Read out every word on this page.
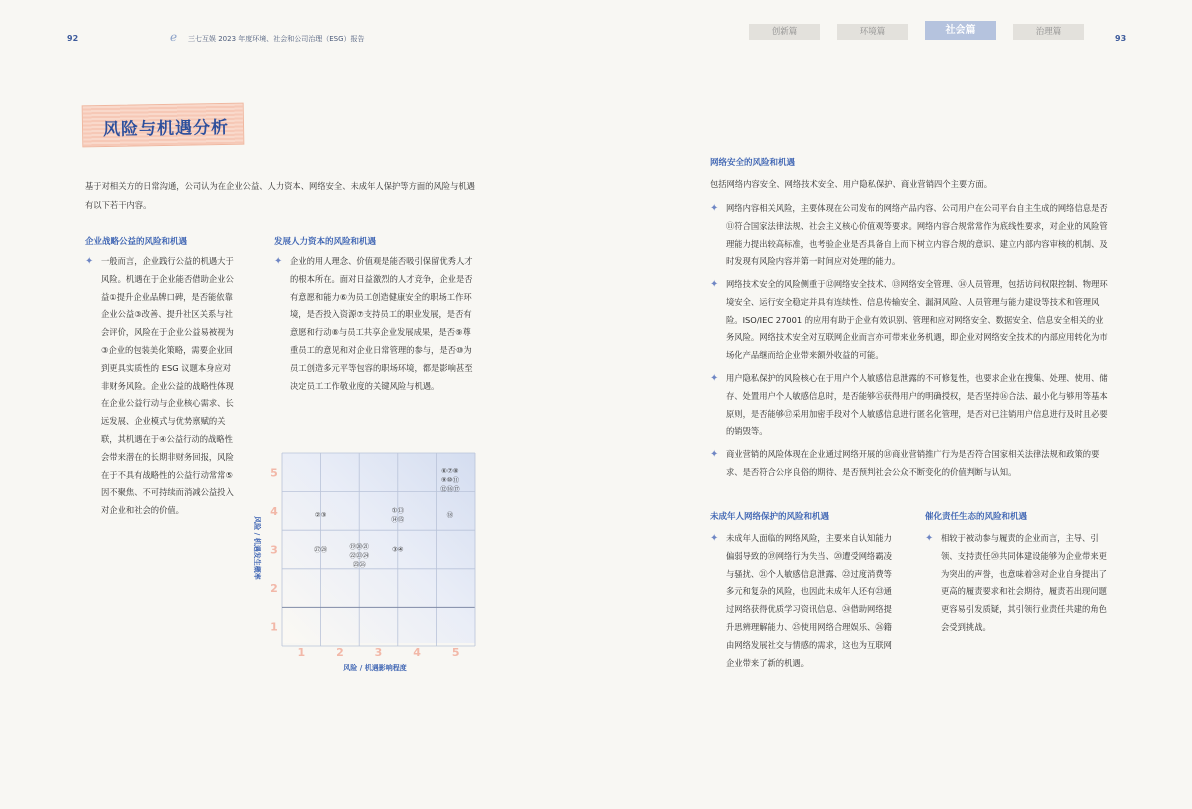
92	ℯ 三七互娱 2023 年度环境、社会和公司治理（ESG）报告
创新篇	环境篇	社会篇	治理篇
93
风险与机遇分析
基于对相关方的日常沟通，公司认为在企业公益、人力资本、网络安全、未成年人保护等方面的风险与机遇有以下若干内容。
企业战略公益的风险和机遇
✦ 一般而言，企业践行公益的机遇大于风险。机遇在于企业能否借助企业公益①提升企业品牌口碑，是否能依靠企业公益③改善、提升社区关系与社会评价，风险在于企业公益易被视为③企业的包装美化策略，需要企业回到更具实质性的 ESG 议题本身应对非财务风险。企业公益的战略性体现在企业公益行动与企业核心需求、长远发展、企业模式与优势禀赋的关联，其机遇在于④公益行动的战略性会带来潜在的长期非财务回报，风险在于不具有战略性的公益行动常常⑤因不聚焦、不可持续而消减公益投入对企业和社会的价值。
发展人力资本的风险和机遇
✦ 企业的用人理念、价值观是能否吸引保留优秀人才的根本所在。面对日益激烈的人才竞争，企业是否有意愿和能力⑥为员工创造健康安全的职场工作环境，是否投入资源⑦支持员工的职业发展，是否有意愿和行动⑧与员工共享企业发展成果，是否⑨尊重员工的意见和对企业日常管理的参与，是否⑩为员工创造多元平等包容的职场环境，都是影响甚至决定员工工作敬业度的关键风险与机遇。
1
2
3
4
5
1	2	3	4	5
⑥⑦⑧ ⑨⑩⑪ ⑫⑯⑰
②③
①⑬ ⑭⑮
⑱
㉗㉘	⑲⑳㉑ ㉒㉓㉔ ㉕㉖
③④
风险 / 机遇发生概率
风险 / 机遇影响程度
网络安全的风险和机遇
包括网络内容安全、网络技术安全、用户隐私保护、商业营销四个主要方面。
✦ 网络内容相关风险，主要体现在公司发布的网络产品内容、公司用户在公司平台自主生成的网络信息是否⑪符合国家法律法规、社会主义核心价值观等要求。网络内容合规常常作为底线性要求，对企业的风险管理能力提出较高标准，也考验企业是否具备自上而下树立内容合规的意识、建立内部内容审核的机制、及时发现有风险内容并第一时间应对处理的能力。
✦ 网络技术安全的风险侧重于⑫网络安全技术、⑬网络安全管理、⑭人员管理，包括访问权限控制、物理环境安全、运行安全稳定并具有连续性、信息传输安全、漏洞风险、人员管理与能力建设等技术和管理风险。ISO/IEC 27001 的应用有助于企业有效识别、管理和应对网络安全、数据安全、信息安全相关的业务风险。网络技术安全对互联网企业而言亦可带来业务机遇，即企业对网络安全技术的内部应用转化为市场化产品继而给企业带来额外收益的可能。
✦ 用户隐私保护的风险核心在于用户个人敏感信息泄露的不可修复性，也要求企业在搜集、处理、使用、储存、处置用户个人敏感信息时，是否能够⑮获得用户的明确授权，是否坚持⑯合法、最小化与够用等基本原则，是否能够⑰采用加密手段对个人敏感信息进行匿名化管理，是否对已注销用户信息进行及时且必要的销毁等。
✦ 商业营销的风险体现在企业通过网络开展的⑱商业营销推广行为是否符合国家相关法律法规和政策的要求、是否符合公序良俗的期待、是否预判社会公众不断变化的价值判断与认知。
未成年人网络保护的风险和机遇
✦ 未成年人面临的网络风险，主要来自认知能力偏弱导致的⑲网络行为失当、⑳遭受网络霸凌与骚扰、㉑个人敏感信息泄露、㉒过度消费等多元和复杂的风险，也因此未成年人还有㉓通过网络获得优质学习资讯信息、㉔借助网络提升思辨理解能力、㉕使用网络合理娱乐、㉖籍由网络发展社交与情感的需求，这也为互联网企业带来了新的机遇。
催化责任生态的风险和机遇
✦ 相较于被动参与履责的企业而言，主导、引领、支持责任⑳共同体建设能够为企业带来更为突出的声誉，也意味着㉘对企业自身提出了更高的履责要求和社会期待，履责若出现问题更容易引发质疑，其引领行业责任共建的角色会受到挑战。
